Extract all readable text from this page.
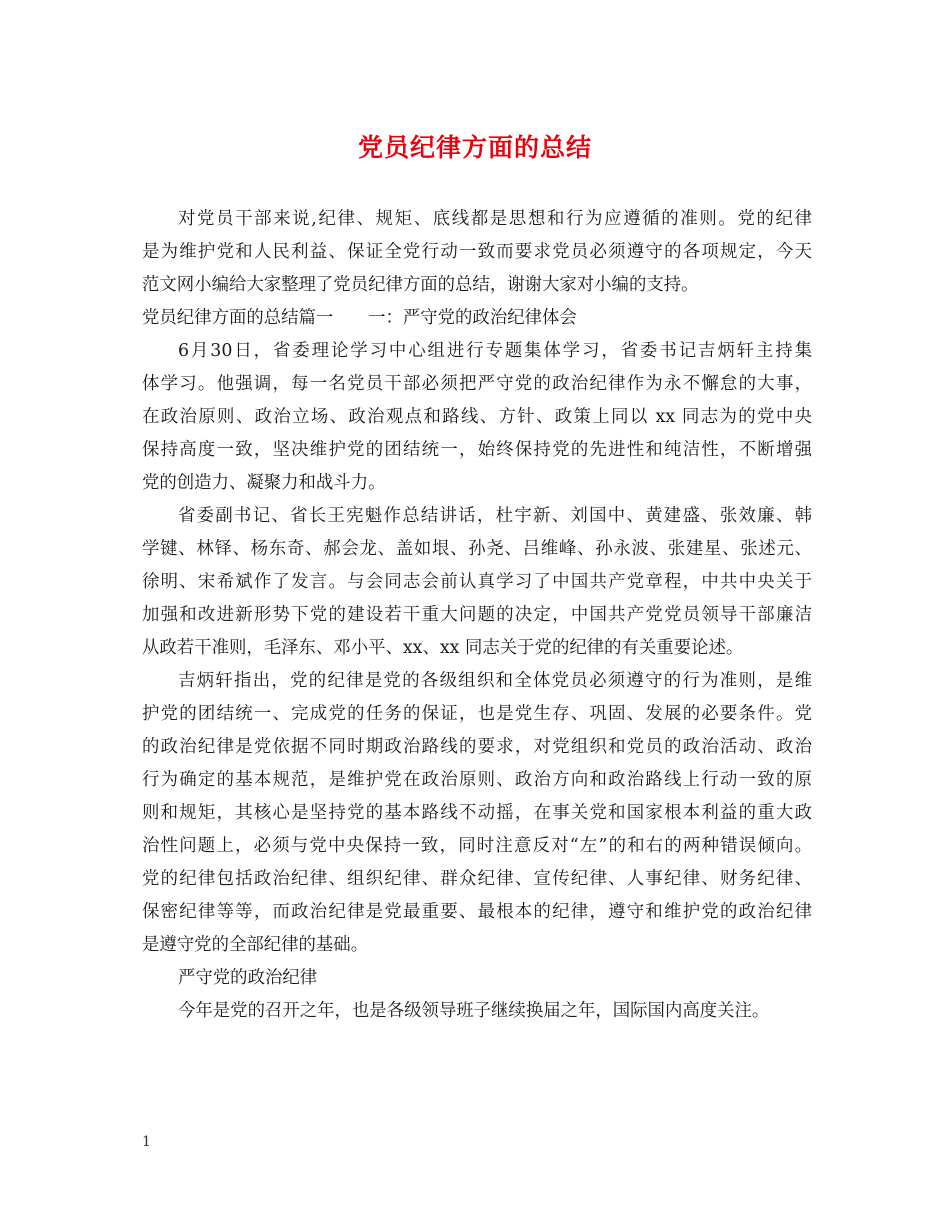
党员纪律方面的总结
对党员干部来说,纪律、规矩、底线都是思想和行为应遵循的准则。党的纪律
是为维护党和人民利益、保证全党行动一致而要求党员必须遵守的各项规定，今天
范文网小编给大家整理了党员纪律方面的总结，谢谢大家对小编的支持。
党员纪律方面的总结篇一　　一：严守党的政治纪律体会
6月30日，省委理论学习中心组进行专题集体学习，省委书记吉炳轩主持集
体学习。他强调，每一名党员干部必须把严守党的政治纪律作为永不懈怠的大事，
在政治原则、政治立场、政治观点和路线、方针、政策上同以 xx 同志为的党中央
保持高度一致，坚决维护党的团结统一，始终保持党的先进性和纯洁性，不断增强
党的创造力、凝聚力和战斗力。
省委副书记、省长王宪魁作总结讲话，杜宇新、刘国中、黄建盛、张效廉、韩
学键、林铎、杨东奇、郝会龙、盖如垠、孙尧、吕维峰、孙永波、张建星、张述元、
徐明、宋希斌作了发言。与会同志会前认真学习了中国共产党章程，中共中央关于
加强和改进新形势下党的建设若干重大问题的决定，中国共产党党员领导干部廉洁
从政若干准则，毛泽东、邓小平、xx、xx 同志关于党的纪律的有关重要论述。
吉炳轩指出，党的纪律是党的各级组织和全体党员必须遵守的行为准则，是维
护党的团结统一、完成党的任务的保证，也是党生存、巩固、发展的必要条件。党
的政治纪律是党依据不同时期政治路线的要求，对党组织和党员的政治活动、政治
行为确定的基本规范，是维护党在政治原则、政治方向和政治路线上行动一致的原
则和规矩，其核心是坚持党的基本路线不动摇，在事关党和国家根本利益的重大政
治性问题上，必须与党中央保持一致，同时注意反对“左”的和右的两种错误倾向。
党的纪律包括政治纪律、组织纪律、群众纪律、宣传纪律、人事纪律、财务纪律、
保密纪律等等，而政治纪律是党最重要、最根本的纪律，遵守和维护党的政治纪律
是遵守党的全部纪律的基础。
严守党的政治纪律
今年是党的召开之年，也是各级领导班子继续换届之年，国际国内高度关注。
1
